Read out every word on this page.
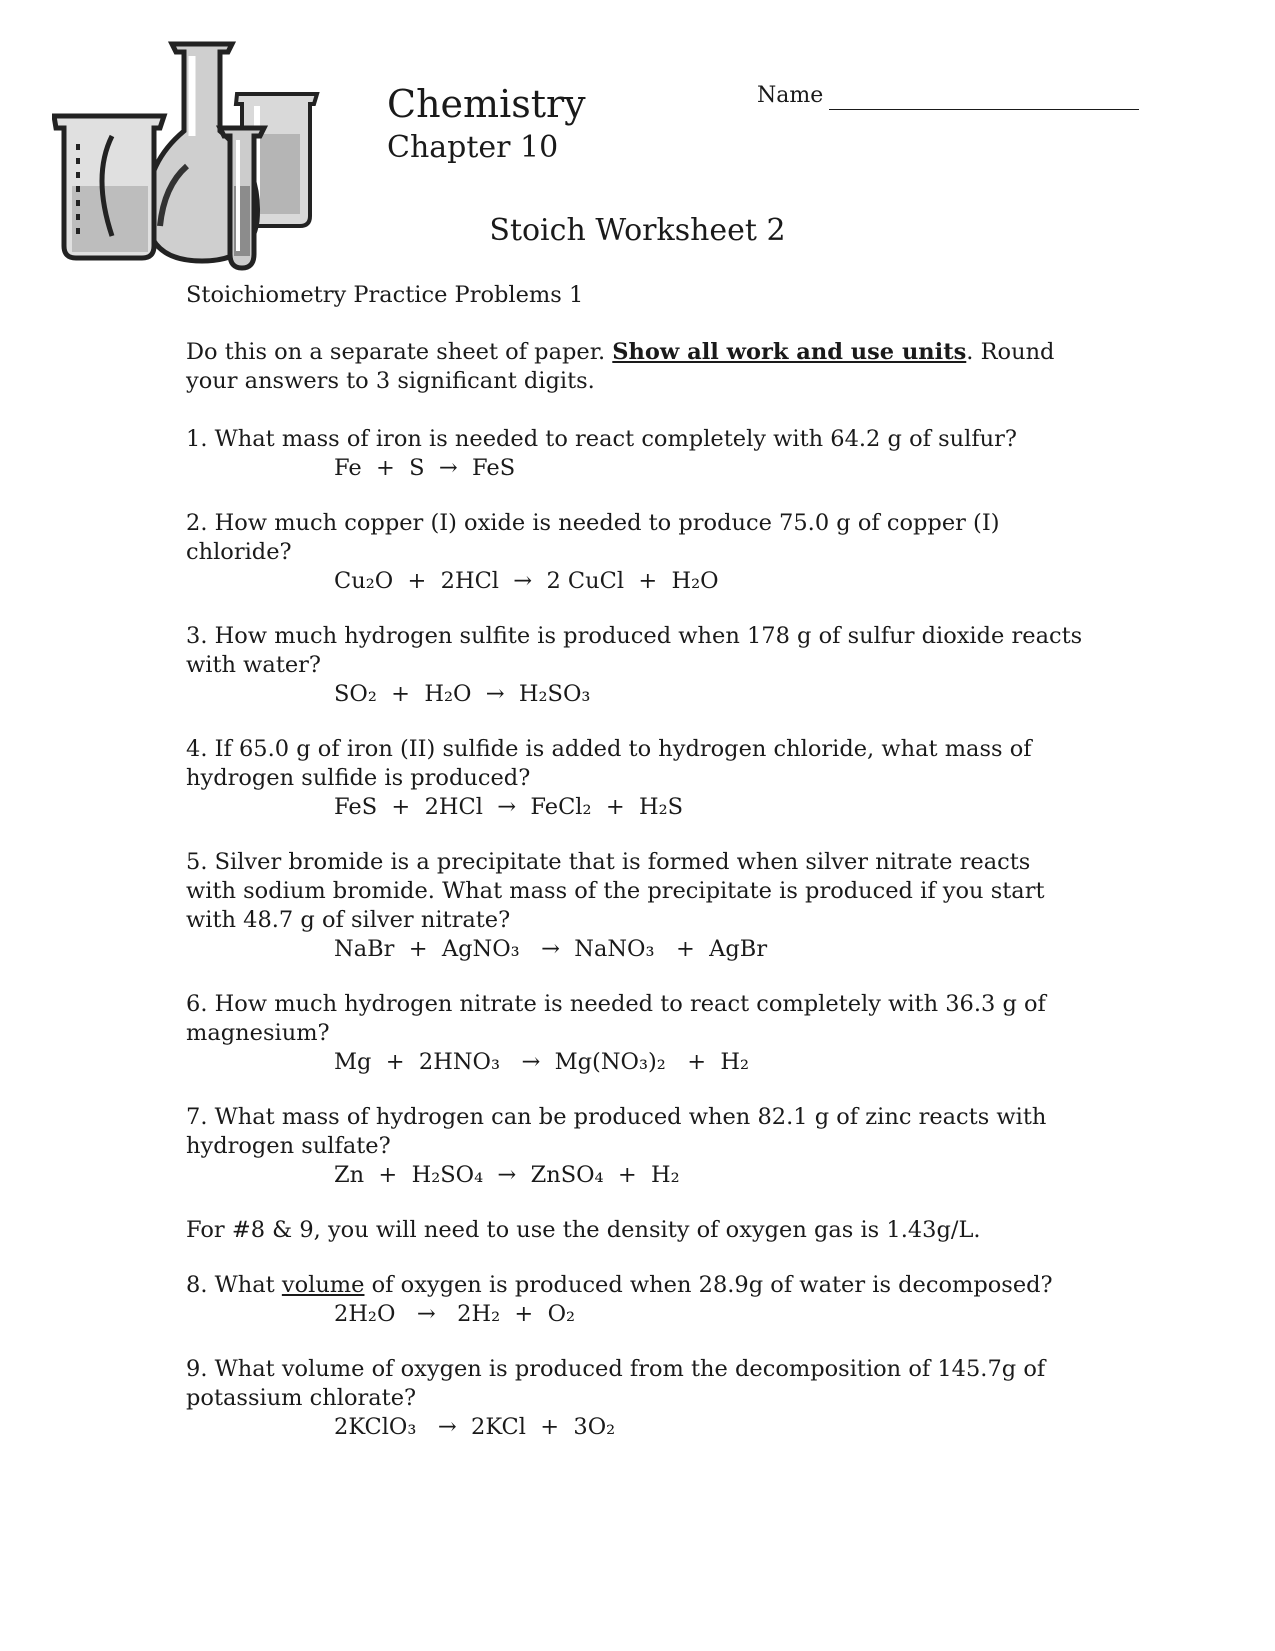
Chemistry
Chapter 10
Name
Stoich Worksheet 2
Stoichiometry Practice Problems 1
Do this on a separate sheet of paper. Show all work and use units. Round your answers to 3 significant digits.
1. What mass of iron is needed to react completely with 64.2 g of sulfur?
Fe  +  S  →  FeS
2. How much copper (I) oxide is needed to produce 75.0 g of copper (I) chloride?
Cu₂O  +  2HCl  →  2 CuCl  +  H₂O
3. How much hydrogen sulfite is produced when 178 g of sulfur dioxide reacts with water?
SO₂  +  H₂O  →  H₂SO₃
4. If 65.0 g of iron (II) sulfide is added to hydrogen chloride, what mass of hydrogen sulfide is produced?
FeS  +  2HCl  →  FeCl₂  +  H₂S
5. Silver bromide is a precipitate that is formed when silver nitrate reacts with sodium bromide. What mass of the precipitate is produced if you start with 48.7 g of silver nitrate?
NaBr  +  AgNO₃   →  NaNO₃   +  AgBr
6. How much hydrogen nitrate is needed to react completely with 36.3 g of magnesium?
Mg  +  2HNO₃   →  Mg(NO₃)₂   +  H₂
7. What mass of hydrogen can be produced when 82.1 g of zinc reacts with hydrogen sulfate?
Zn  +  H₂SO₄  →  ZnSO₄  +  H₂
For #8 & 9, you will need to use the density of oxygen gas is 1.43g/L.
8. What volume of oxygen is produced when 28.9g of water is decomposed?
2H₂O   →   2H₂  +  O₂
9. What volume of oxygen is produced from the decomposition of 145.7g of potassium chlorate?
2KClO₃   →  2KCl  +  3O₂
